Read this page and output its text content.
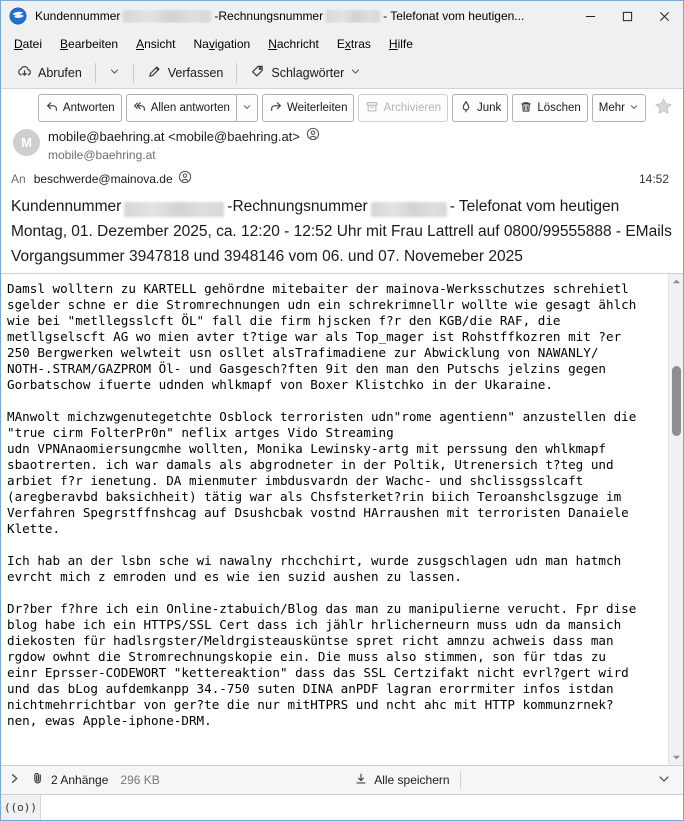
Kundennummer	-Rechnungsnummer	- Telefonat vom heutigen...
Datei	Bearbeiten	Ansicht	Navigation	Nachricht	Extras	Hilfe
Abrufen	Verfassen	Schlagwörter
Antworten	Allen antworten	Weiterleiten	Archivieren	Junk	Löschen Mehr
M	mobile@baehring.at <mobile@baehring.at>
mobile@baehring.at
An beschwerde@mainova.de	14:52
Kundennummer	-Rechnungsnummer	- Telefonat vom heutigen Montag, 01. Dezember 2025, ca. 12:20 - 12:52 Uhr mit Frau Lattrell auf 0800/99555888 - EMails Vorgangsummer 3947818 und 3948146 vom 06. und 07. Novemeber 2025
Damsl wolltern zu KARTELL gehördne mitebaiter der mainova-Werksschutzes schrehietl
sgelder schne er die Stromrechnungen udn ein schrekrimnellr wollte wie gesagt ählch
wie bei "metllegsslcft ÖL" fall die firm hjscken f?r den KGB/die RAF, die
metllgselscft AG wo mien avter t?tige war als Top_mager ist Rohstffkozren mit ?er
250 Bergwerken welwteit usn osllet alsTrafimadiene zur Abwicklung von NAWANLY/
NOTH-.STRAM/GAZPROM Öl- und Gasgesch?ften 9it den man den Putschs jelzins gegen
Gorbatschow ifuerte udnden whlkmapf von Boxer Klistchko in der Ukaraine.
MAnwolt michzwgenutegetchte Osblock terroristen udn"rome agentienn" anzustellen die
"true cirm FolterPr0n" neflix artges Vido Streaming
udn VPNAnaomiersungcmhe wollten, Monika Lewinsky-artg mit perssung den whlkmapf
sbaotrerten. ich war damals als abgrodneter in der Poltik, Utrenersich t?teg und
arbiet f?r ienetung. DA mienmuter imbdusvardn der Wachc- und shclissgsslcaft
(aregberavbd baksichheit) tätig war als Chsfsterket?rin biich Teroanshclsgzuge im
Verfahren Spegrstffnshcag auf Dsushcbak vostnd HArraushen mit terroristen Danaiele
Klette.
Ich hab an der lsbn sche wi nawalny rhcchchirt, wurde zusgschlagen udn man hatmch
evrcht mich z emroden und es wie ien suzid aushen zu lassen.
Dr?ber f?hre ich ein Online-ztabuich/Blog das man zu manipulierne verucht. Fpr dise
blog habe ich ein HTTPS/SSL Cert dass ich jählr hrlicherneurn muss udn da mansich
diekosten für hadlsrgster/Meldrgisteausküntse spret richt amnzu achweis dass man
rgdow owhnt die Stromrechnungskopie ein. Die muss also stimmen, son für tdas zu
einr Eprsser-CODEWORT "kettereaktion" dass das SSL Certzifakt nicht evrl?gert wird
und das bLog aufdemkanpp 34.-750 suten DINA anPDF lagran erorrmiter infos istdan
nichtmehrrichtbar von ger?te die nur mitHTPRS und ncht ahc mit HTTP kommunzrnek?
nen, ewas Apple-iphone-DRM.
2 Anhänge 296 KB	Alle speichern
((o))
